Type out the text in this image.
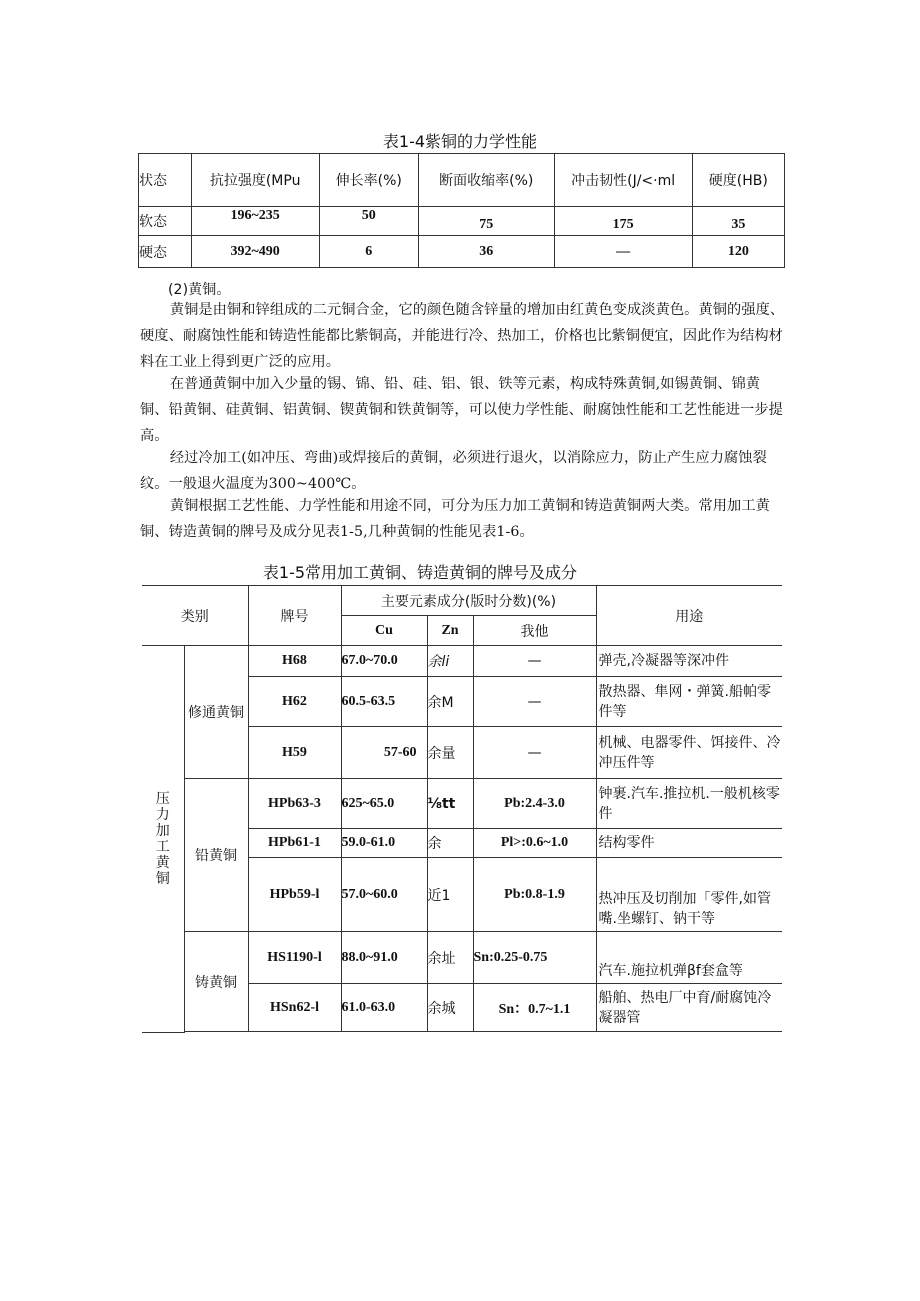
表1-4紫铜的力学性能
状态	抗拉强度(MPu	伸长率(%)	断面收缩率(%)	冲击韧性(J/<·ml	硬度(HB)
软态	196~235	50	75	175	35
硬态	392~490	6	36	—	120

(2)黄铜。

黄铜是由铜和锌组成的二元铜合金，它的颜色随含锌量的增加由红黄色变成淡黄色。黄铜的强度、硬度、耐腐蚀性能和铸造性能都比紫铜高，并能进行冷、热加工，价格也比紫铜便宜，因此作为结构材料在工业上得到更广泛的应用。

在普通黄铜中加入少量的锡、锦、铅、硅、铝、银、铁等元素，构成特殊黄铜,如锡黄铜、锦黄铜、铅黄铜、硅黄铜、铝黄铜、锲黄铜和铁黄铜等，可以使力学性能、耐腐蚀性能和工艺性能进一步提高。

经过冷加工(如冲压、弯曲)或焊接后的黄铜，必须进行退火，以消除应力，防止产生应力腐蚀裂纹。一般退火温度为300~400℃。

黄铜根据工艺性能、力学性能和用途不同，可分为压力加工黄铜和铸造黄铜两大类。常用加工黄铜、铸造黄铜的牌号及成分见表1-5,几种黄铜的性能见表1-6。

表1-5常用加工黄铜、铸造黄铜的牌号及成分
类别		牌号	主要元素成分(版时分数)(%)			用途
			Cu	Zn	我他	
压力加工黄铜	修通黄铜	H68	67.0~70.0	余li	—	弹壳,冷凝器等深冲件
		H62	60.5-63.5	余M	—	散热器、隼网・弹簧.船帕零件等
		H59	57-60	余量	—	机械、电器零件、饵接件、冷冲压件等
	铅黄铜	HPb63-3	625~65.0	⅛tt	Pb:2.4-3.0	钟裹.汽车.推拉机.一般机核零件
		HPb61-1	59.0-61.0	余	Pl>:0.6~1.0	结构零件
		HPb59-l	57.0~60.0	近1	Pb:0.8-1.9	热冲压及切削加「零件,如管嘴.坐螺钉、钠干等
	铸黄铜	HS1190-l	88.0~91.0	余址	Sn:0.25-0.75	汽车.施拉机弹βf套盒等
		HSn62-l	61.0-63.0	余城	Sn：0.7~1.1	船舶、热电厂中育/耐腐饨冷凝器管
